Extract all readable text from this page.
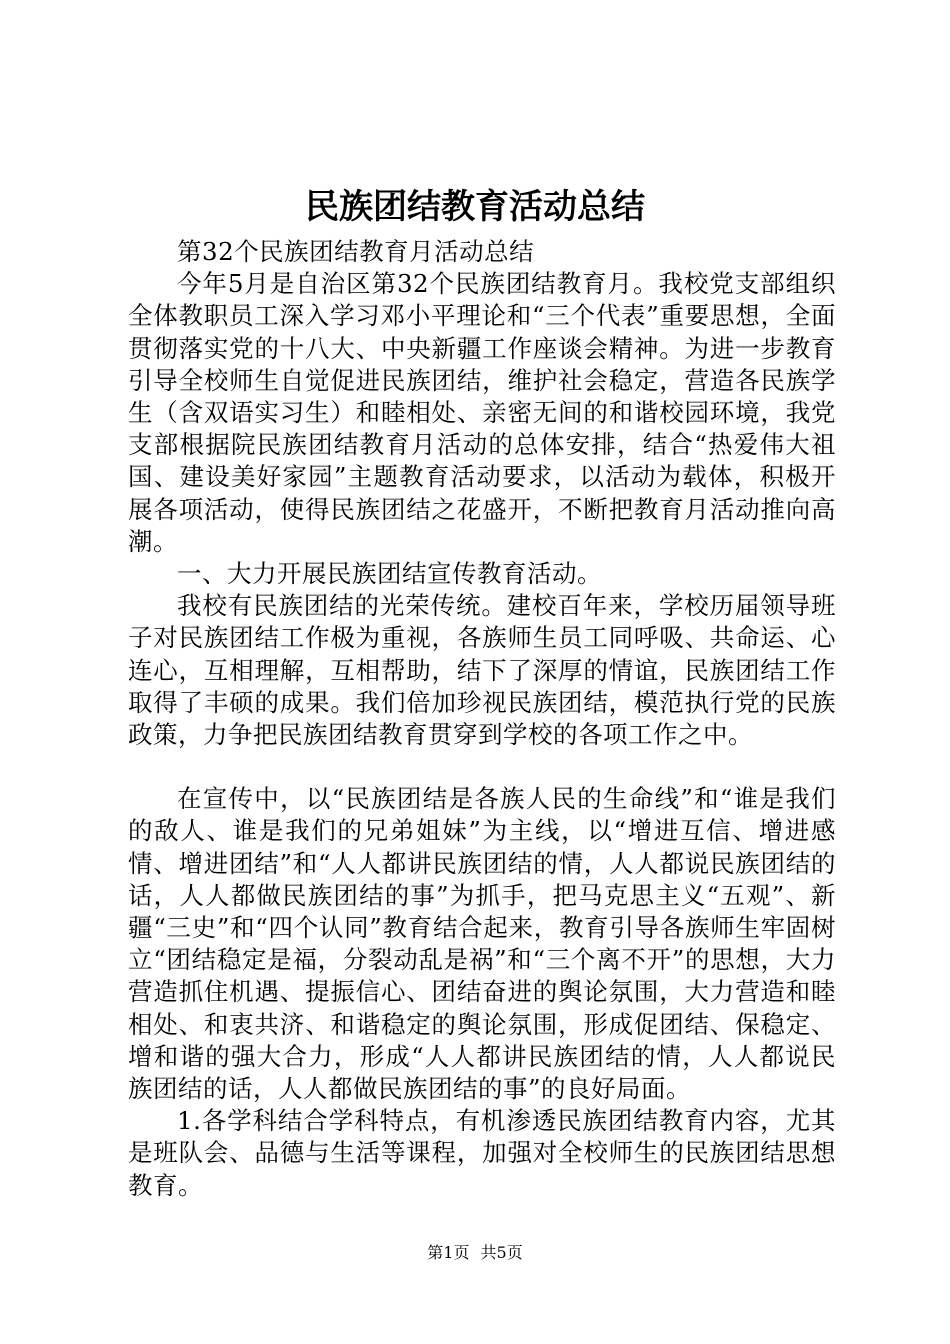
民族团结教育活动总结

第32个民族团结教育月活动总结

今年5月是自治区第32个民族团结教育月。我校党支部组织全体教职员工深入学习邓小平理论和“三个代表”重要思想，全面贯彻落实党的十八大、中央新疆工作座谈会精神。为进一步教育引导全校师生自觉促进民族团结，维护社会稳定，营造各民族学生（含双语实习生）和睦相处、亲密无间的和谐校园环境，我党支部根据院民族团结教育月活动的总体安排，结合“热爱伟大祖国、建设美好家园”主题教育活动要求，以活动为载体，积极开展各项活动，使得民族团结之花盛开，不断把教育月活动推向高潮。

一、大力开展民族团结宣传教育活动。

我校有民族团结的光荣传统。建校百年来，学校历届领导班子对民族团结工作极为重视，各族师生员工同呼吸、共命运、心连心，互相理解，互相帮助，结下了深厚的情谊，民族团结工作取得了丰硕的成果。我们倍加珍视民族团结，模范执行党的民族政策，力争把民族团结教育贯穿到学校的各项工作之中。

在宣传中，以“民族团结是各族人民的生命线”和“谁是我们的敌人、谁是我们的兄弟姐妹”为主线，以“增进互信、增进感情、增进团结”和“人人都讲民族团结的情，人人都说民族团结的话，人人都做民族团结的事”为抓手，把马克思主义“五观”、新疆“三史”和“四个认同”教育结合起来，教育引导各族师生牢固树立“团结稳定是福，分裂动乱是祸”和“三个离不开”的思想，大力营造抓住机遇、提振信心、团结奋进的舆论氛围，大力营造和睦相处、和衷共济、和谐稳定的舆论氛围，形成促团结、保稳定、增和谐的强大合力，形成“人人都讲民族团结的情，人人都说民族团结的话，人人都做民族团结的事”的良好局面。

1.各学科结合学科特点，有机渗透民族团结教育内容，尤其是班队会、品德与生活等课程，加强对全校师生的民族团结思想教育。

第1页 共5页
